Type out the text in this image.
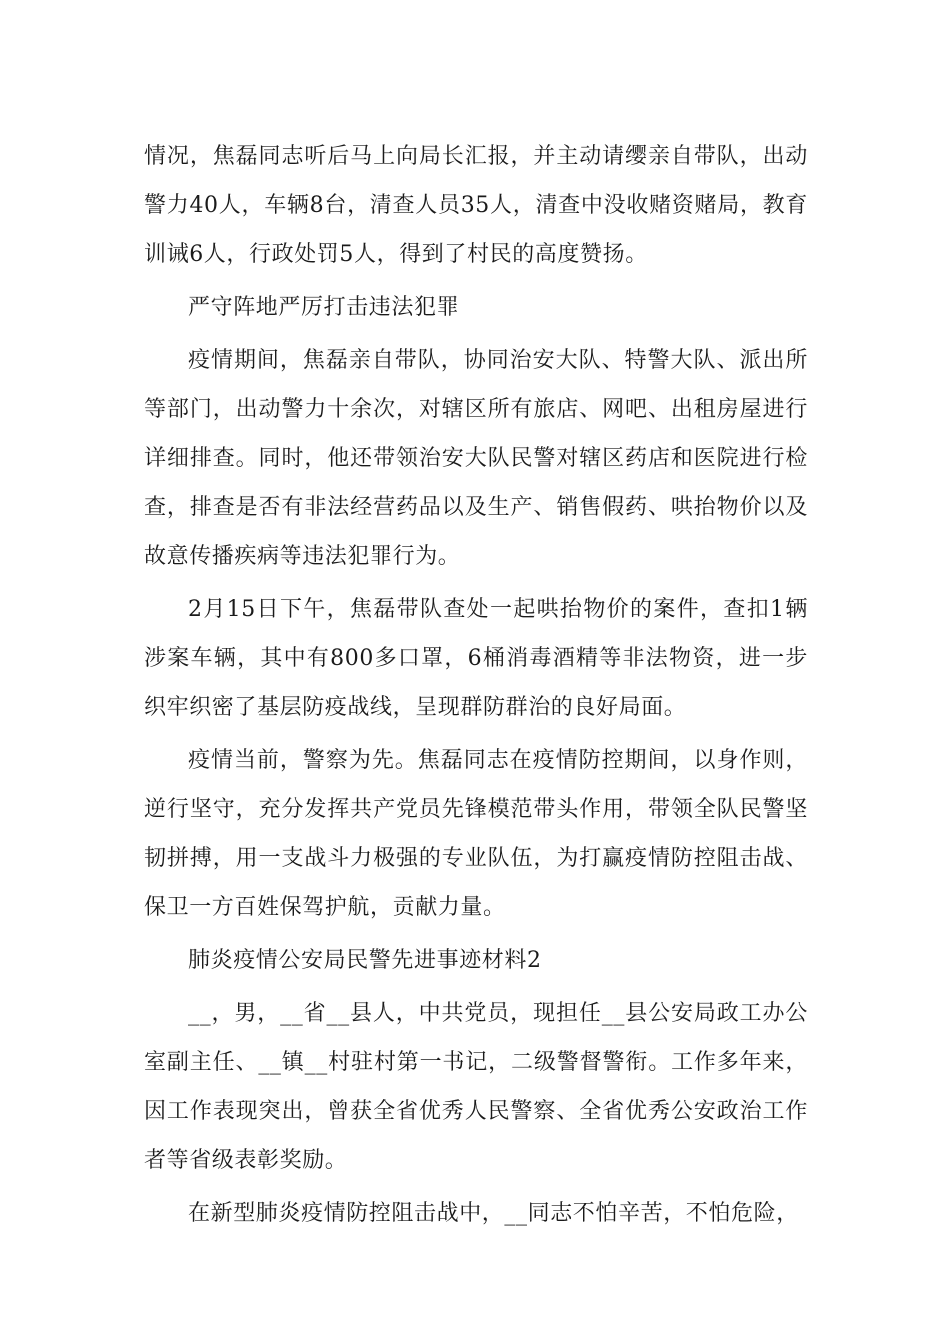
情况，焦磊同志听后马上向局长汇报，并主动请缨亲自带队，出动警力40人，车辆8台，清查人员35人，清查中没收赌资赌局，教育训诫6人，行政处罚5人，得到了村民的高度赞扬。

严守阵地严厉打击违法犯罪

疫情期间，焦磊亲自带队，协同治安大队、特警大队、派出所等部门，出动警力十余次，对辖区所有旅店、网吧、出租房屋进行详细排查。同时，他还带领治安大队民警对辖区药店和医院进行检查，排查是否有非法经营药品以及生产、销售假药、哄抬物价以及故意传播疾病等违法犯罪行为。

2月15日下午，焦磊带队查处一起哄抬物价的案件，查扣1辆涉案车辆，其中有800多口罩，6桶消毒酒精等非法物资，进一步织牢织密了基层防疫战线，呈现群防群治的良好局面。

疫情当前，警察为先。焦磊同志在疫情防控期间，以身作则，逆行坚守，充分发挥共产党员先锋模范带头作用，带领全队民警坚韧拼搏，用一支战斗力极强的专业队伍，为打赢疫情防控阻击战、保卫一方百姓保驾护航，贡献力量。

肺炎疫情公安局民警先进事迹材料2

__，男，__省__县人，中共党员，现担任__县公安局政工办公室副主任、__镇__村驻村第一书记，二级警督警衔。工作多年来，因工作表现突出，曾获全省优秀人民警察、全省优秀公安政治工作者等省级表彰奖励。

在新型肺炎疫情防控阻击战中，__同志不怕辛苦，不怕危险，
